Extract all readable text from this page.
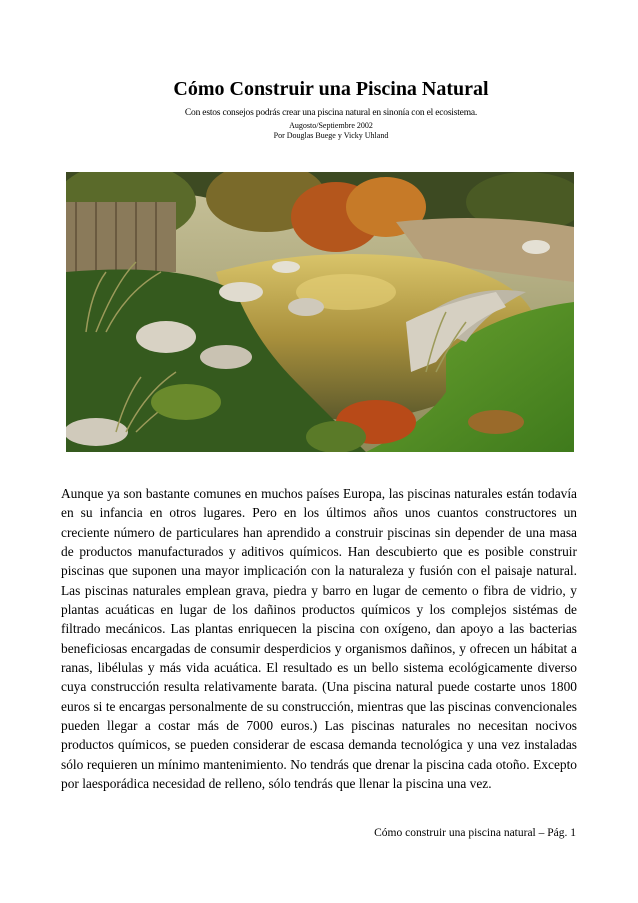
Cómo Construir una Piscina Natural
Con estos consejos podrás crear una piscina natural en sinonía con el ecosistema.
Augosto/Septiembre 2002
Por Douglas Buege y Vicky Uhland
Aunque ya son bastante comunes en muchos países Europa, las piscinas naturales están todavía en su infancia en otros lugares. Pero en los últimos años unos cuantos constructores un creciente número de particulares han aprendido a construir piscinas sin depender de una masa de productos manufacturados y aditivos químicos. Han descubierto que es posible construir piscinas que suponen una mayor implicación con la naturaleza y fusión con el paisaje natural. Las piscinas naturales emplean grava, piedra y barro en lugar de cemento o fibra de vidrio, y plantas acuáticas en lugar de los dañinos productos químicos y los complejos sistémas de filtrado mecánicos. Las plantas enriquecen la piscina con oxígeno, dan apoyo a las bacterias beneficiosas encargadas de consumir desperdicios y organismos dañinos, y ofrecen un hábitat a ranas, libélulas y más vida acuática. El resultado es un bello sistema ecológicamente diverso cuya construcción resulta relativamente barata. (Una piscina natural puede costarte unos 1800 euros si te encargas personalmente de su construcción, mientras que las piscinas convencionales pueden llegar a costar más de 7000 euros.) Las piscinas naturales no necesitan nocivos productos químicos, se pueden considerar de escasa demanda tecnológica y una vez instaladas sólo requieren un mínimo mantenimiento. No tendrás que drenar la piscina cada otoño. Excepto por laesporádica necesidad de relleno, sólo tendrás que llenar la piscina una vez.
Cómo construir una piscina natural – Pág. 1
